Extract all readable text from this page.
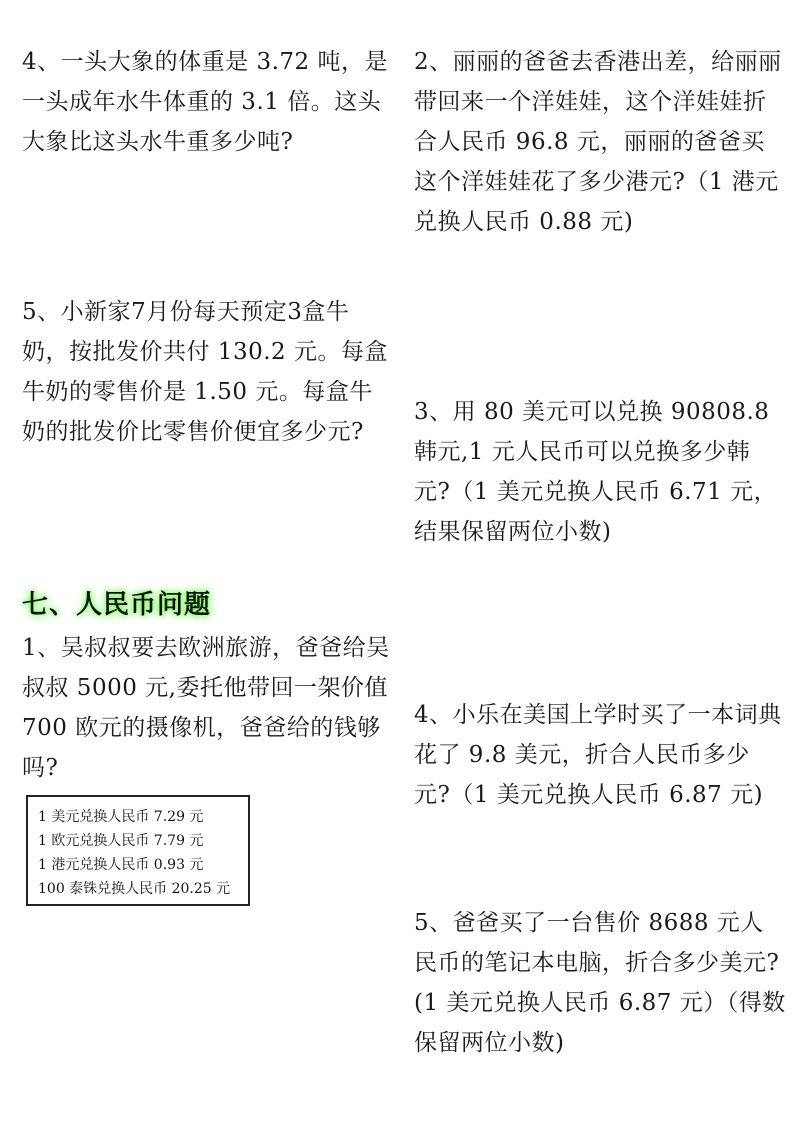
4、一头大象的体重是 3.72 吨，是一头成年水牛体重的 3.1 倍。这头大象比这头水牛重多少吨?
5、小新家7月份每天预定3盒牛奶，按批发价共付 130.2 元。每盒牛奶的零售价是 1.50 元。每盒牛奶的批发价比零售价便宜多少元?
七、人民币问题
1、吴叔叔要去欧洲旅游，爸爸给吴叔叔 5000 元,委托他带回一架价值700 欧元的摄像机，爸爸给的钱够吗?
1 美元兑换人民币 7.29 元
1 欧元兑换人民币 7.79 元
1 港元兑换人民币 0.93 元
100 泰铢兑换人民币 20.25 元
2、丽丽的爸爸去香港出差，给丽丽带回来一个洋娃娃，这个洋娃娃折合人民币 96.8 元，丽丽的爸爸买这个洋娃娃花了多少港元?（1 港元兑换人民币 0.88 元)
3、用 80 美元可以兑换 90808.8 韩元,1 元人民币可以兑换多少韩元?（1 美元兑换人民币 6.71 元，结果保留两位小数)
4、小乐在美国上学时买了一本词典花了 9.8 美元，折合人民币多少元?（1 美元兑换人民币 6.87 元)
5、爸爸买了一台售价 8688 元人民币的笔记本电脑，折合多少美元?(1 美元兑换人民币 6.87 元）（得数保留两位小数)
